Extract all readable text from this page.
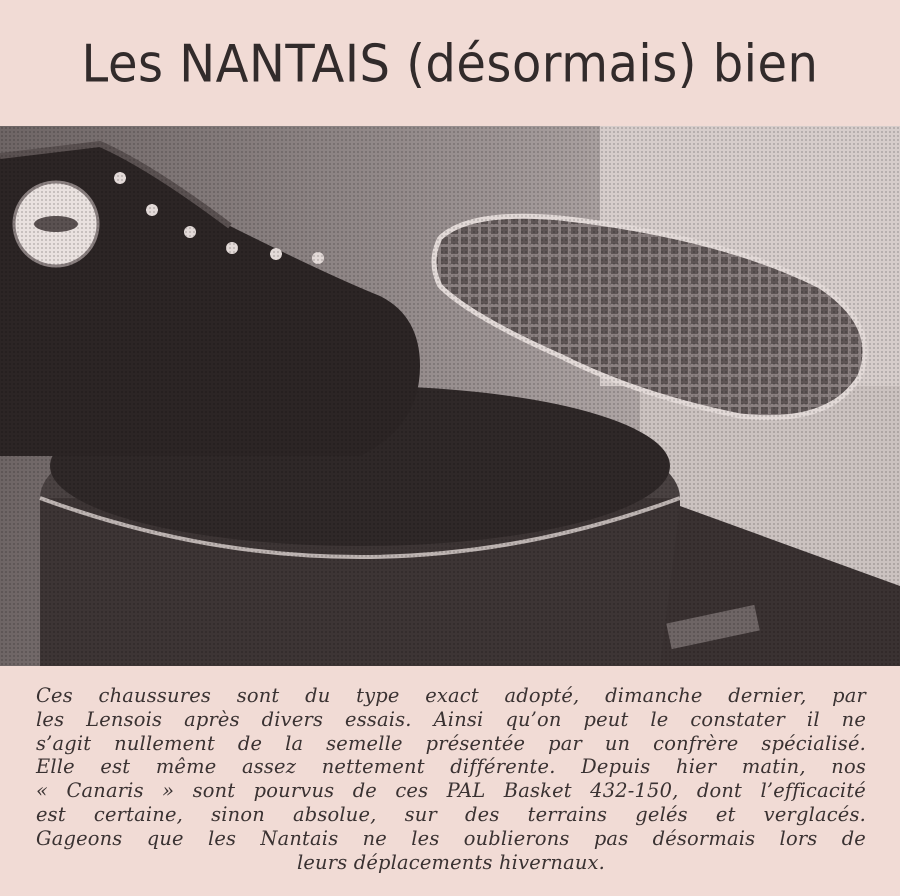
Les NANTAIS (désormais) bien
Ces chaussures sont du type exact adopté, dimanche dernier, par
les Lensois après divers essais. Ainsi qu’on peut le constater il ne
s’agit nullement de la semelle présentée par un confrère spécialisé.
Elle est même assez nettement différente. Depuis hier matin, nos
« Canaris » sont pourvus de ces PAL Basket 432-150, dont l’efficacité
est certaine, sinon absolue, sur des terrains gelés et verglacés.
Gageons que les Nantais ne les oublierons pas désormais lors de
leurs déplacements hivernaux.
